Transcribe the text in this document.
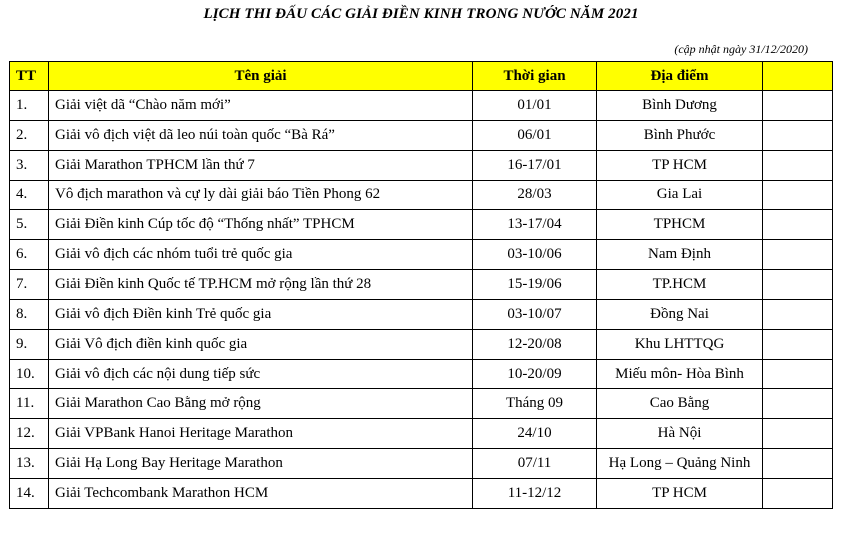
LỊCH THI ĐẤU CÁC GIẢI ĐIỀN KINH TRONG NƯỚC NĂM 2021
(cập nhật ngày 31/12/2020)
TT	Tên giải	Thời gian	Địa điểm	
1.	Giải việt dã “Chào năm mới”	01/01	Bình Dương	
2.	Giải vô địch việt dã leo núi toàn quốc “Bà Rá”	06/01	Bình Phước	
3.	Giải Marathon TPHCM lần thứ 7	16-17/01	TP HCM	
4.	Vô địch marathon và cự ly dài giải báo Tiền Phong 62	28/03	Gia Lai	
5.	Giải Điền kinh Cúp tốc độ “Thống nhất” TPHCM	13-17/04	TPHCM	
6.	Giải vô địch các nhóm tuổi trẻ quốc gia	03-10/06	Nam Định	
7.	Giải Điền kinh Quốc tế TP.HCM mở rộng lần thứ 28	15-19/06	TP.HCM	
8.	Giải vô địch Điền kinh Trẻ quốc gia	03-10/07	Đồng Nai	
9.	Giải Vô địch điền kinh quốc gia	12-20/08	Khu LHTTQG	
10.	Giải vô địch các nội dung tiếp sức	10-20/09	Miếu môn- Hòa Bình	
11.	Giải Marathon Cao Bằng mở rộng	Tháng 09	Cao Bằng	
12.	Giải VPBank Hanoi Heritage Marathon	24/10	Hà Nội	
13.	Giải Hạ Long Bay Heritage Marathon	07/11	Hạ Long – Quảng Ninh	
14.	Giải Techcombank Marathon HCM	11-12/12	TP HCM	
